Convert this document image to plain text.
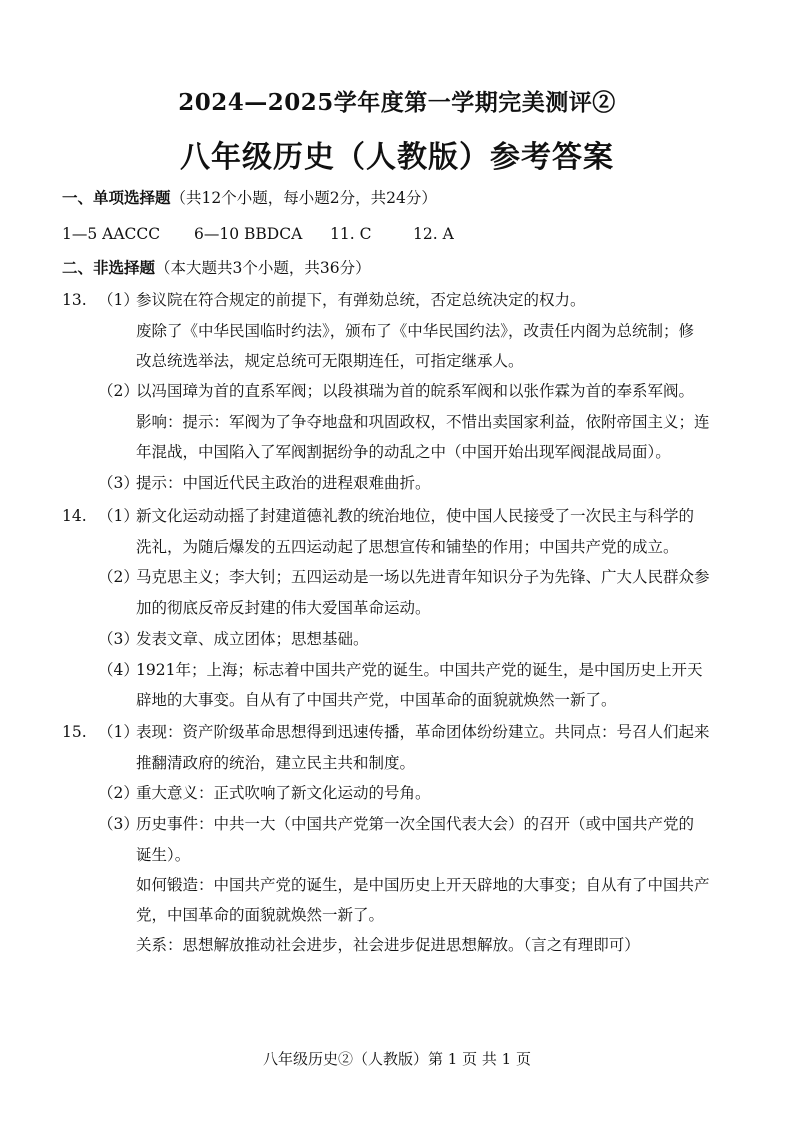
2024—2025学年度第一学期完美测评②
八年级历史（人教版）参考答案
一、单项选择题（共12个小题，每小题2分，共24分）
1—5 AACCC 6—10 BBDCA 11. C	12. A
二、非选择题（本大题共3个小题，共36分）
13. （1）
参议院在符合规定的前提下，有弹劾总统，否定总统决定的权力。
废除了《中华民国临时约法》，颁布了《中华民国约法》，改责任内阁为总统制；修
改总统选举法，规定总统可无限期连任，可指定继承人。
（2）
以冯国璋为首的直系军阀；以段祺瑞为首的皖系军阀和以张作霖为首的奉系军阀。
影响：提示：军阀为了争夺地盘和巩固政权，不惜出卖国家利益，依附帝国主义；连
年混战，中国陷入了军阀割据纷争的动乱之中（中国开始出现军阀混战局面）。
（3）
提示：中国近代民主政治的进程艰难曲折。
14. （1）
新文化运动动摇了封建道德礼教的统治地位，使中国人民接受了一次民主与科学的
洗礼，为随后爆发的五四运动起了思想宣传和铺垫的作用；中国共产党的成立。
（2）
马克思主义；李大钊；五四运动是一场以先进青年知识分子为先锋、广大人民群众参
加的彻底反帝反封建的伟大爱国革命运动。
（3）
发表文章、成立团体；思想基础。
（4）
1921年；上海；标志着中国共产党的诞生。中国共产党的诞生，是中国历史上开天
辟地的大事变。自从有了中国共产党，中国革命的面貌就焕然一新了。
15. （1）
表现：资产阶级革命思想得到迅速传播，革命团体纷纷建立。共同点：号召人们起来
推翻清政府的统治，建立民主共和制度。
（2）
重大意义：正式吹响了新文化运动的号角。
（3）
历史事件：中共一大（中国共产党第一次全国代表大会）的召开（或中国共产党的
诞生）。
如何锻造：中国共产党的诞生，是中国历史上开天辟地的大事变；自从有了中国共产
党，中国革命的面貌就焕然一新了。
关系：思想解放推动社会进步，社会进步促进思想解放。（言之有理即可）
八年级历史②（人教版）第 1 页 共 1 页
